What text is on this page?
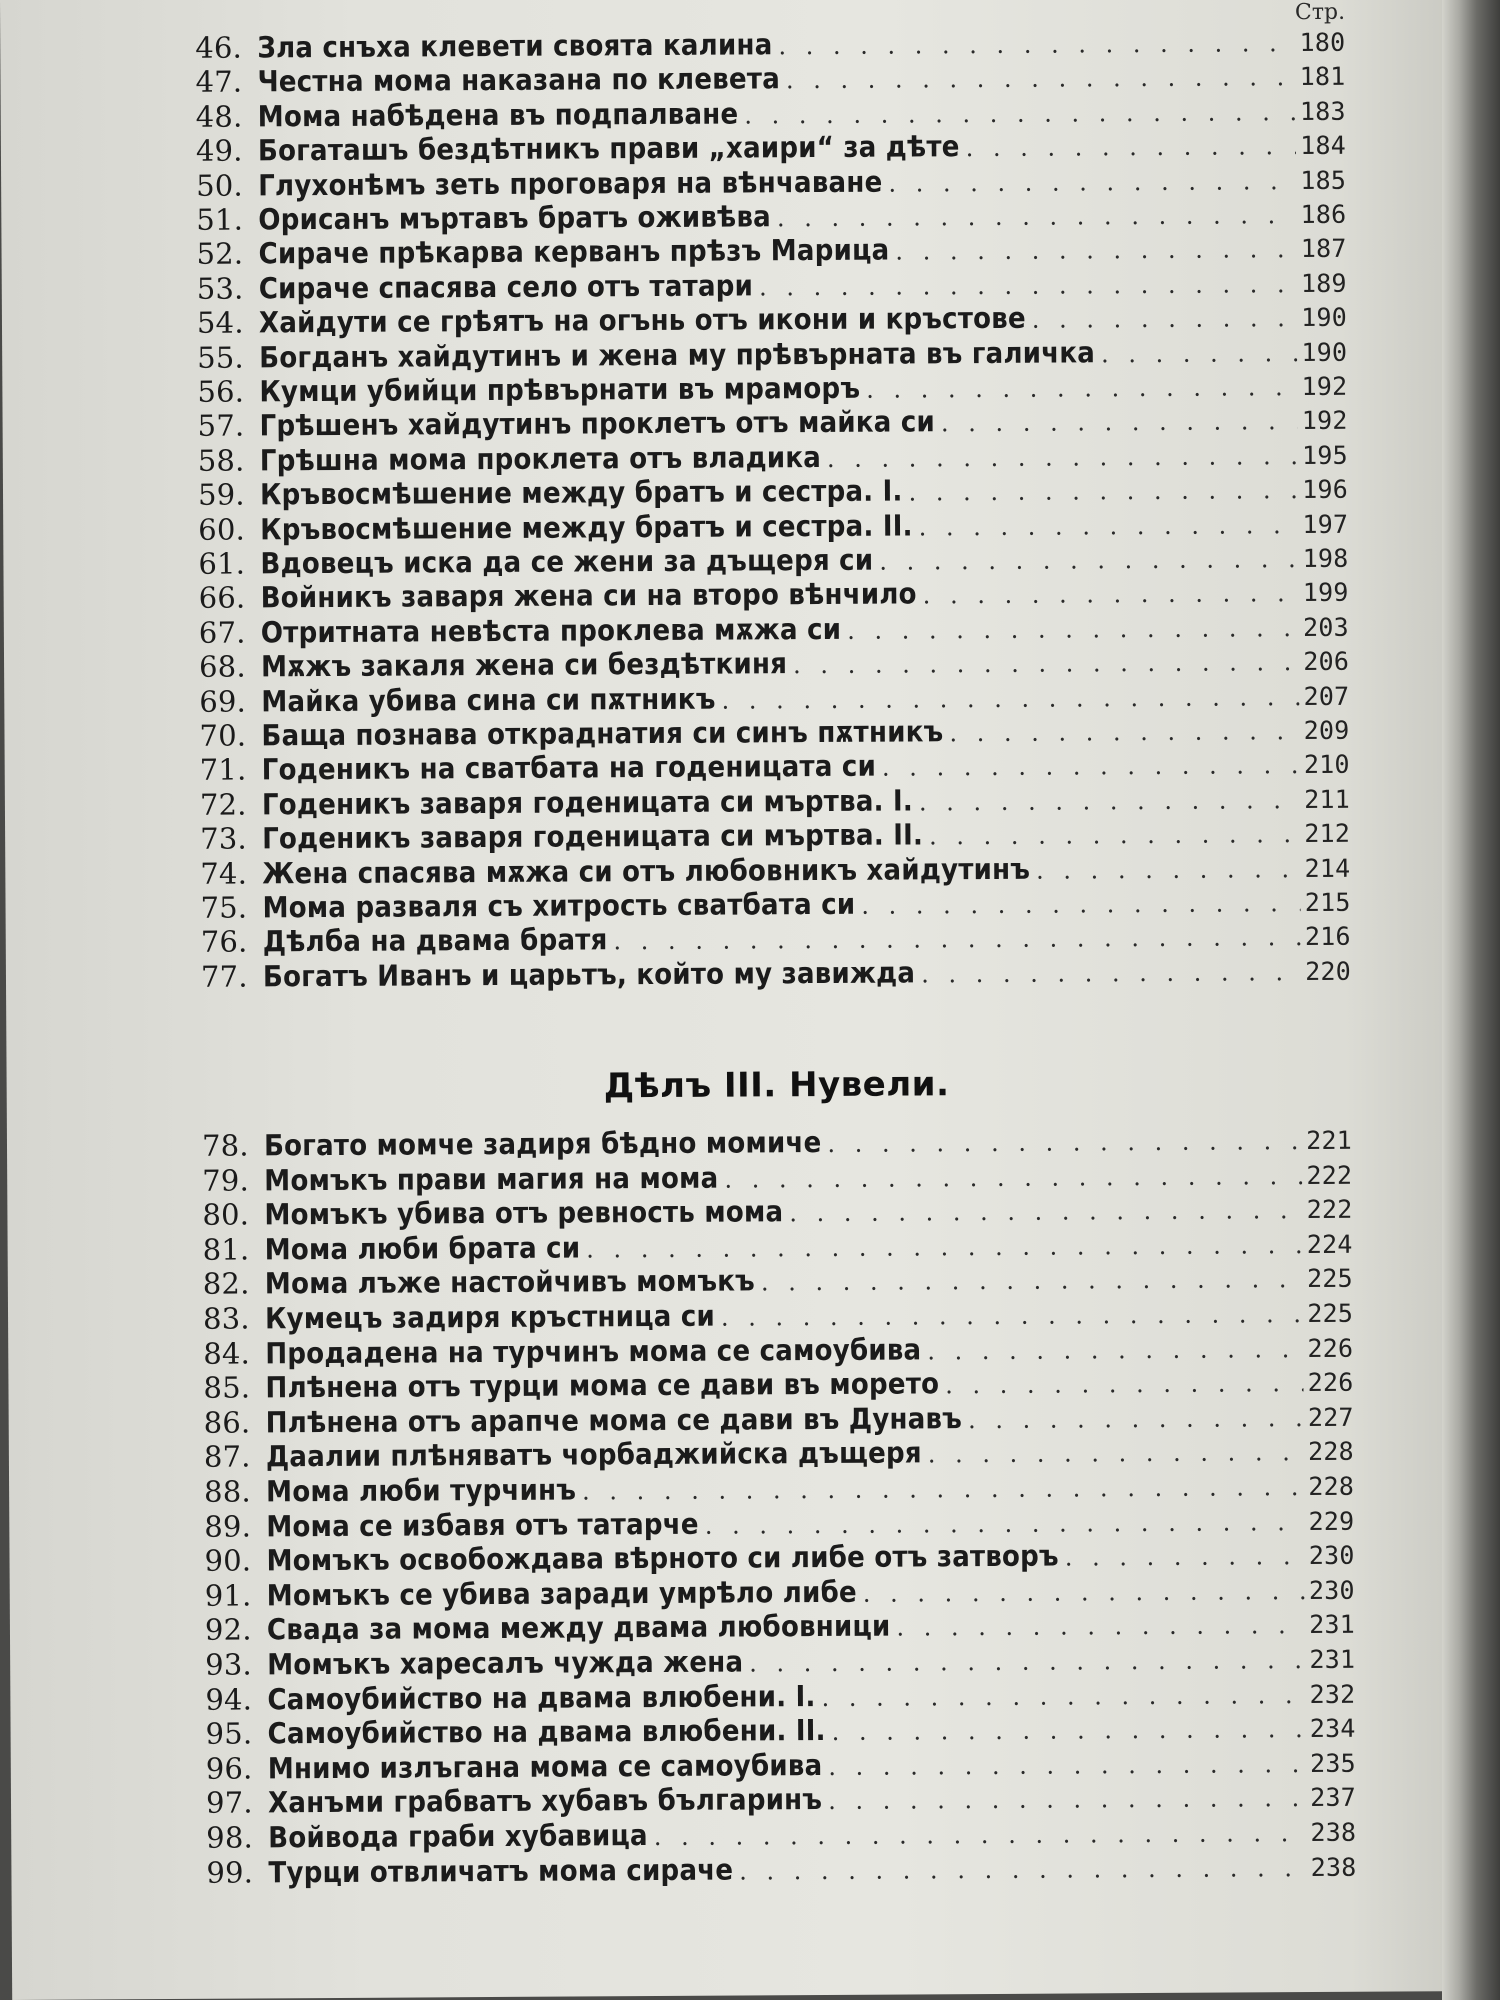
Стр.
46. Зла снъха клевети своята калина . . .	180
47. Честна мома наказана по клевета . . .	181
48. Мома набѣдена въ подпалване . . .	183
49. Богаташъ бездѣтникъ прави „хаири“ за дѣте . . .	184
50. Глухонѣмъ зеть проговаря на вѣнчаване . . .	185
51. Орисанъ мъртавъ братъ оживѣва . . .	186
52. Сираче прѣкарва керванъ прѣзъ Марица . . .	187
53. Сираче спасява село отъ татари . . .	189
54. Хайдути се грѣятъ на огънь отъ икони и кръстове . . .	190
55. Богданъ хайдутинъ и жена му прѣвърната въ галичка . . .	190
56. Кумци убийци прѣвърнати въ мраморъ . . .	192
57. Грѣшенъ хайдутинъ проклетъ отъ майка си . . .	192
58. Грѣшна мома проклета отъ владика . . .	195
59. Кръвосмѣшение между братъ и сестра. I. . . .	196
60. Кръвосмѣшение между братъ и сестра. II. . . .	197
61. Вдовецъ иска да се жени за дъщеря си . . .	198
66. Войникъ заваря жена си на второ вѣнчило . . .	199
67. Отритната невѣста проклева мѫжа си . . .	203
68. Мѫжъ закаля жена си бездѣткиня . . .	206
69. Майка убива сина си пѫтникъ . . .	207
70. Баща познава откраднатия си синъ пѫтникъ . . .	209
71. Годеникъ на сватбата на годеницата си . . .	210
72. Годеникъ заваря годеницата си мъртва. I. . . .	211
73. Годеникъ заваря годеницата си мъртва. II. . . .	212
74. Жена спасява мѫжа си отъ любовникъ хайдутинъ . . .	214
75. Мома разваля съ хитрость сватбата си . . .	215
76. Дѣлба на двама братя . . .	216
77. Богатъ Иванъ и царьтъ, който му завижда . . .	220
Дѣлъ III. Нувели.
78. Богато момче задиря бѣдно момиче . . .	221
79. Момъкъ прави магия на мома . . .	222
80. Момъкъ убива отъ ревность мома . . .	222
81. Мома люби брата си . . .	224
82. Мома лъже настойчивъ момъкъ . . .	225
83. Кумецъ задиря кръстница си . . .	225
84. Продадена на турчинъ мома се самоубива . . .	226
85. Плѣнена отъ турци мома се дави въ морето . . .	226
86. Плѣнена отъ арапче мома се дави въ Дунавъ . . .	227
87. Даалии плѣняватъ чорбаджийска дъщеря . . .	228
88. Мома люби турчинъ . . .	228
89. Мома се избавя отъ татарче . . .	229
90. Момъкъ освобождава вѣрното си либе отъ затворъ . . .	230
91. Момъкъ се убива заради умрѣло либе . . .	230
92. Свада за мома между двама любовници . . .	231
93. Момъкъ харесалъ чужда жена . . .	231
94. Самоубийство на двама влюбени. I. . . .	232
95. Самоубийство на двама влюбени. II. . . .	234
96. Мнимо излъгана мома се самоубива . . .	235
97. Ханъми грабватъ хубавъ българинъ . . .	237
98. Войвода граби хубавица . . .	238
99. Турци отвличатъ мома сираче . . .	238
